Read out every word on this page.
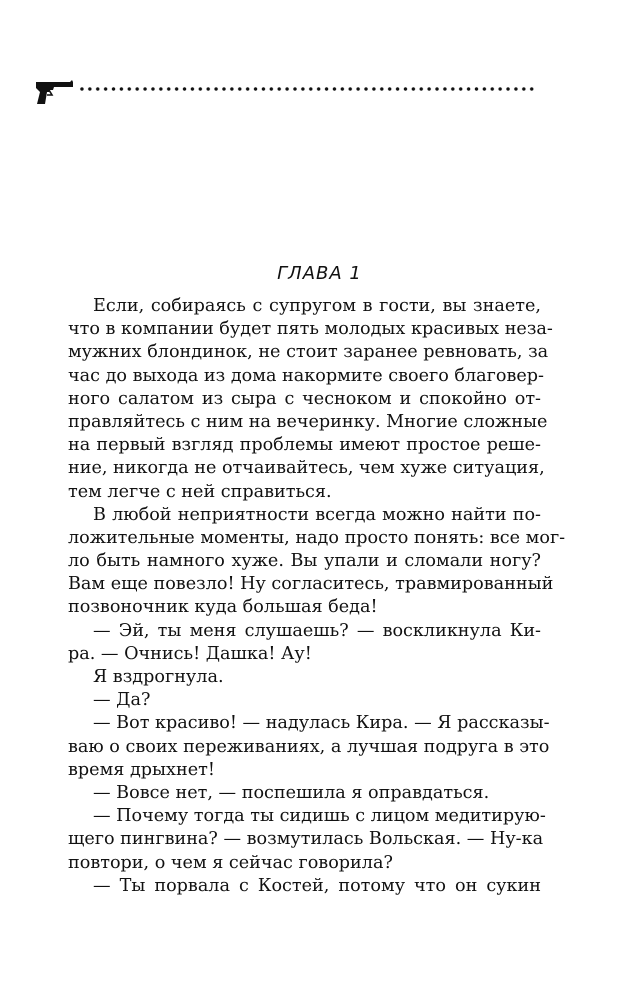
ГЛАВА 1
Если, собираясь с супругом в гости, вы знаете,
что в компании будет пять молодых красивых неза-
мужних блондинок, не стоит заранее ревновать, за
час до выхода из дома накормите своего благовер-
ного салатом из сыра с чесноком и спокойно от-
правляйтесь с ним на вечеринку. Многие сложные
на первый взгляд проблемы имеют простое реше-
ние, никогда не отчаивайтесь, чем хуже ситуация,
тем легче с ней справиться.
В любой неприятности всегда можно найти по-
ложительные моменты, надо просто понять: все мог-
ло быть намного хуже. Вы упали и сломали ногу?
Вам еще повезло! Ну согласитесь, травмированный
позвоночник куда большая беда!
— Эй, ты меня слушаешь? — воскликнула Ки-
ра. — Очнись! Дашка! Ау!
Я вздрогнула.
— Да?
— Вот красиво! — надулась Кира. — Я рассказы-
ваю о своих переживаниях, а лучшая подруга в это
время дрыхнет!
— Вовсе нет, — поспешила я оправдаться.
— Почему тогда ты сидишь с лицом медитирую-
щего пингвина? — возмутилась Вольская. — Ну-ка
повтори, о чем я сейчас говорила?
— Ты порвала с Костей, потому что он сукин
